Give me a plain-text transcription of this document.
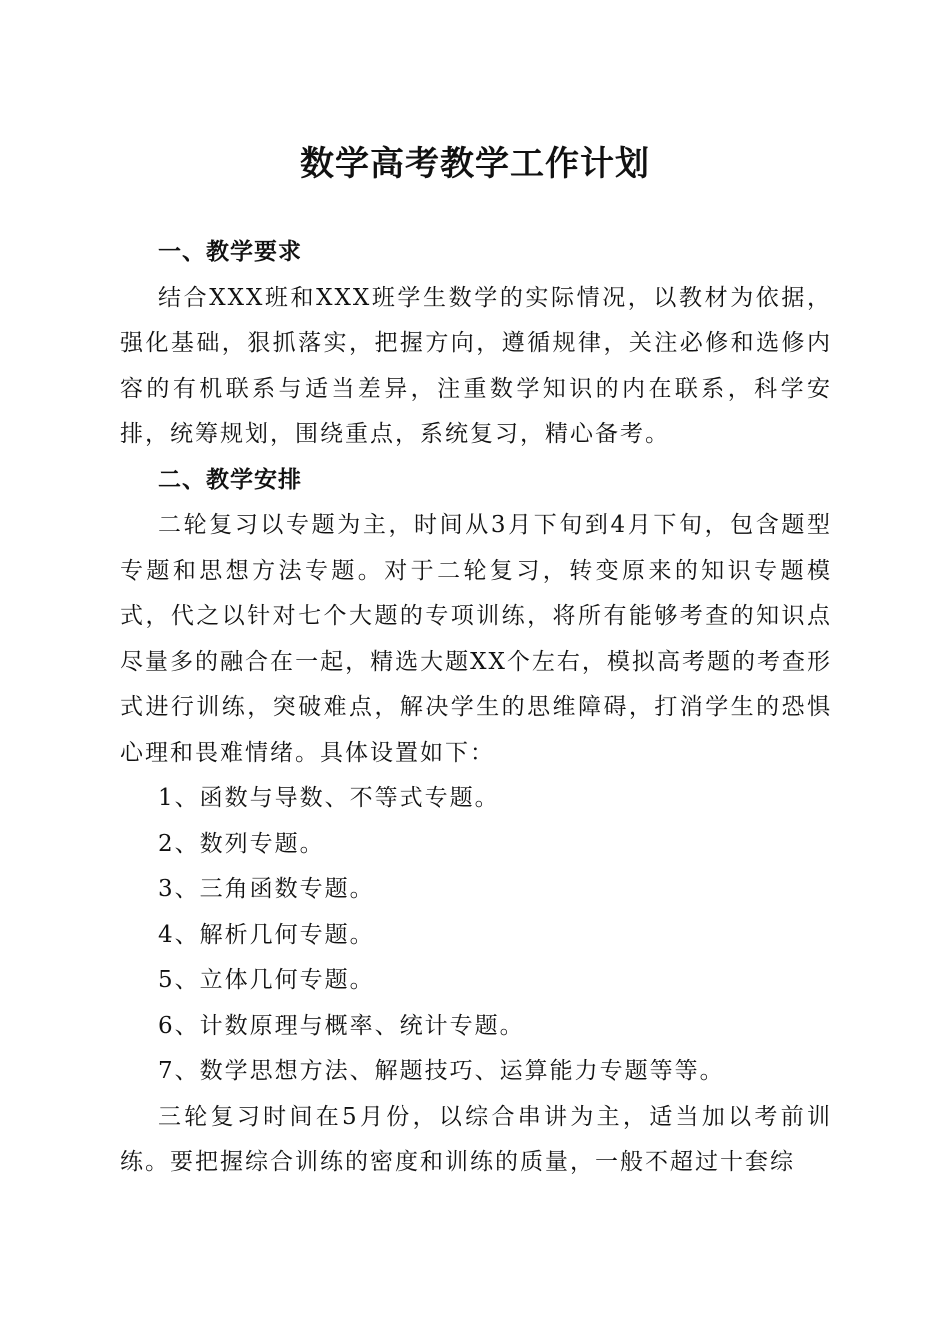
数学高考教学工作计划

一、教学要求

结合XXX班和XXX班学生数学的实际情况，以教材为依据，强化基础，狠抓落实，把握方向，遵循规律，关注必修和选修内容的有机联系与适当差异，注重数学知识的内在联系，科学安排，统筹规划，围绕重点，系统复习，精心备考。

二、教学安排

二轮复习以专题为主，时间从3月下旬到4月下旬，包含题型专题和思想方法专题。对于二轮复习，转变原来的知识专题模式，代之以针对七个大题的专项训练，将所有能够考查的知识点尽量多的融合在一起，精选大题XX个左右，模拟高考题的考查形式进行训练，突破难点，解决学生的思维障碍，打消学生的恐惧心理和畏难情绪。具体设置如下：

1、函数与导数、不等式专题。

2、数列专题。

3、三角函数专题。

4、解析几何专题。

5、立体几何专题。

6、计数原理与概率、统计专题。

7、数学思想方法、解题技巧、运算能力专题等等。

三轮复习时间在5月份，以综合串讲为主，适当加以考前训练。要把握综合训练的密度和训练的质量，一般不超过十套综
